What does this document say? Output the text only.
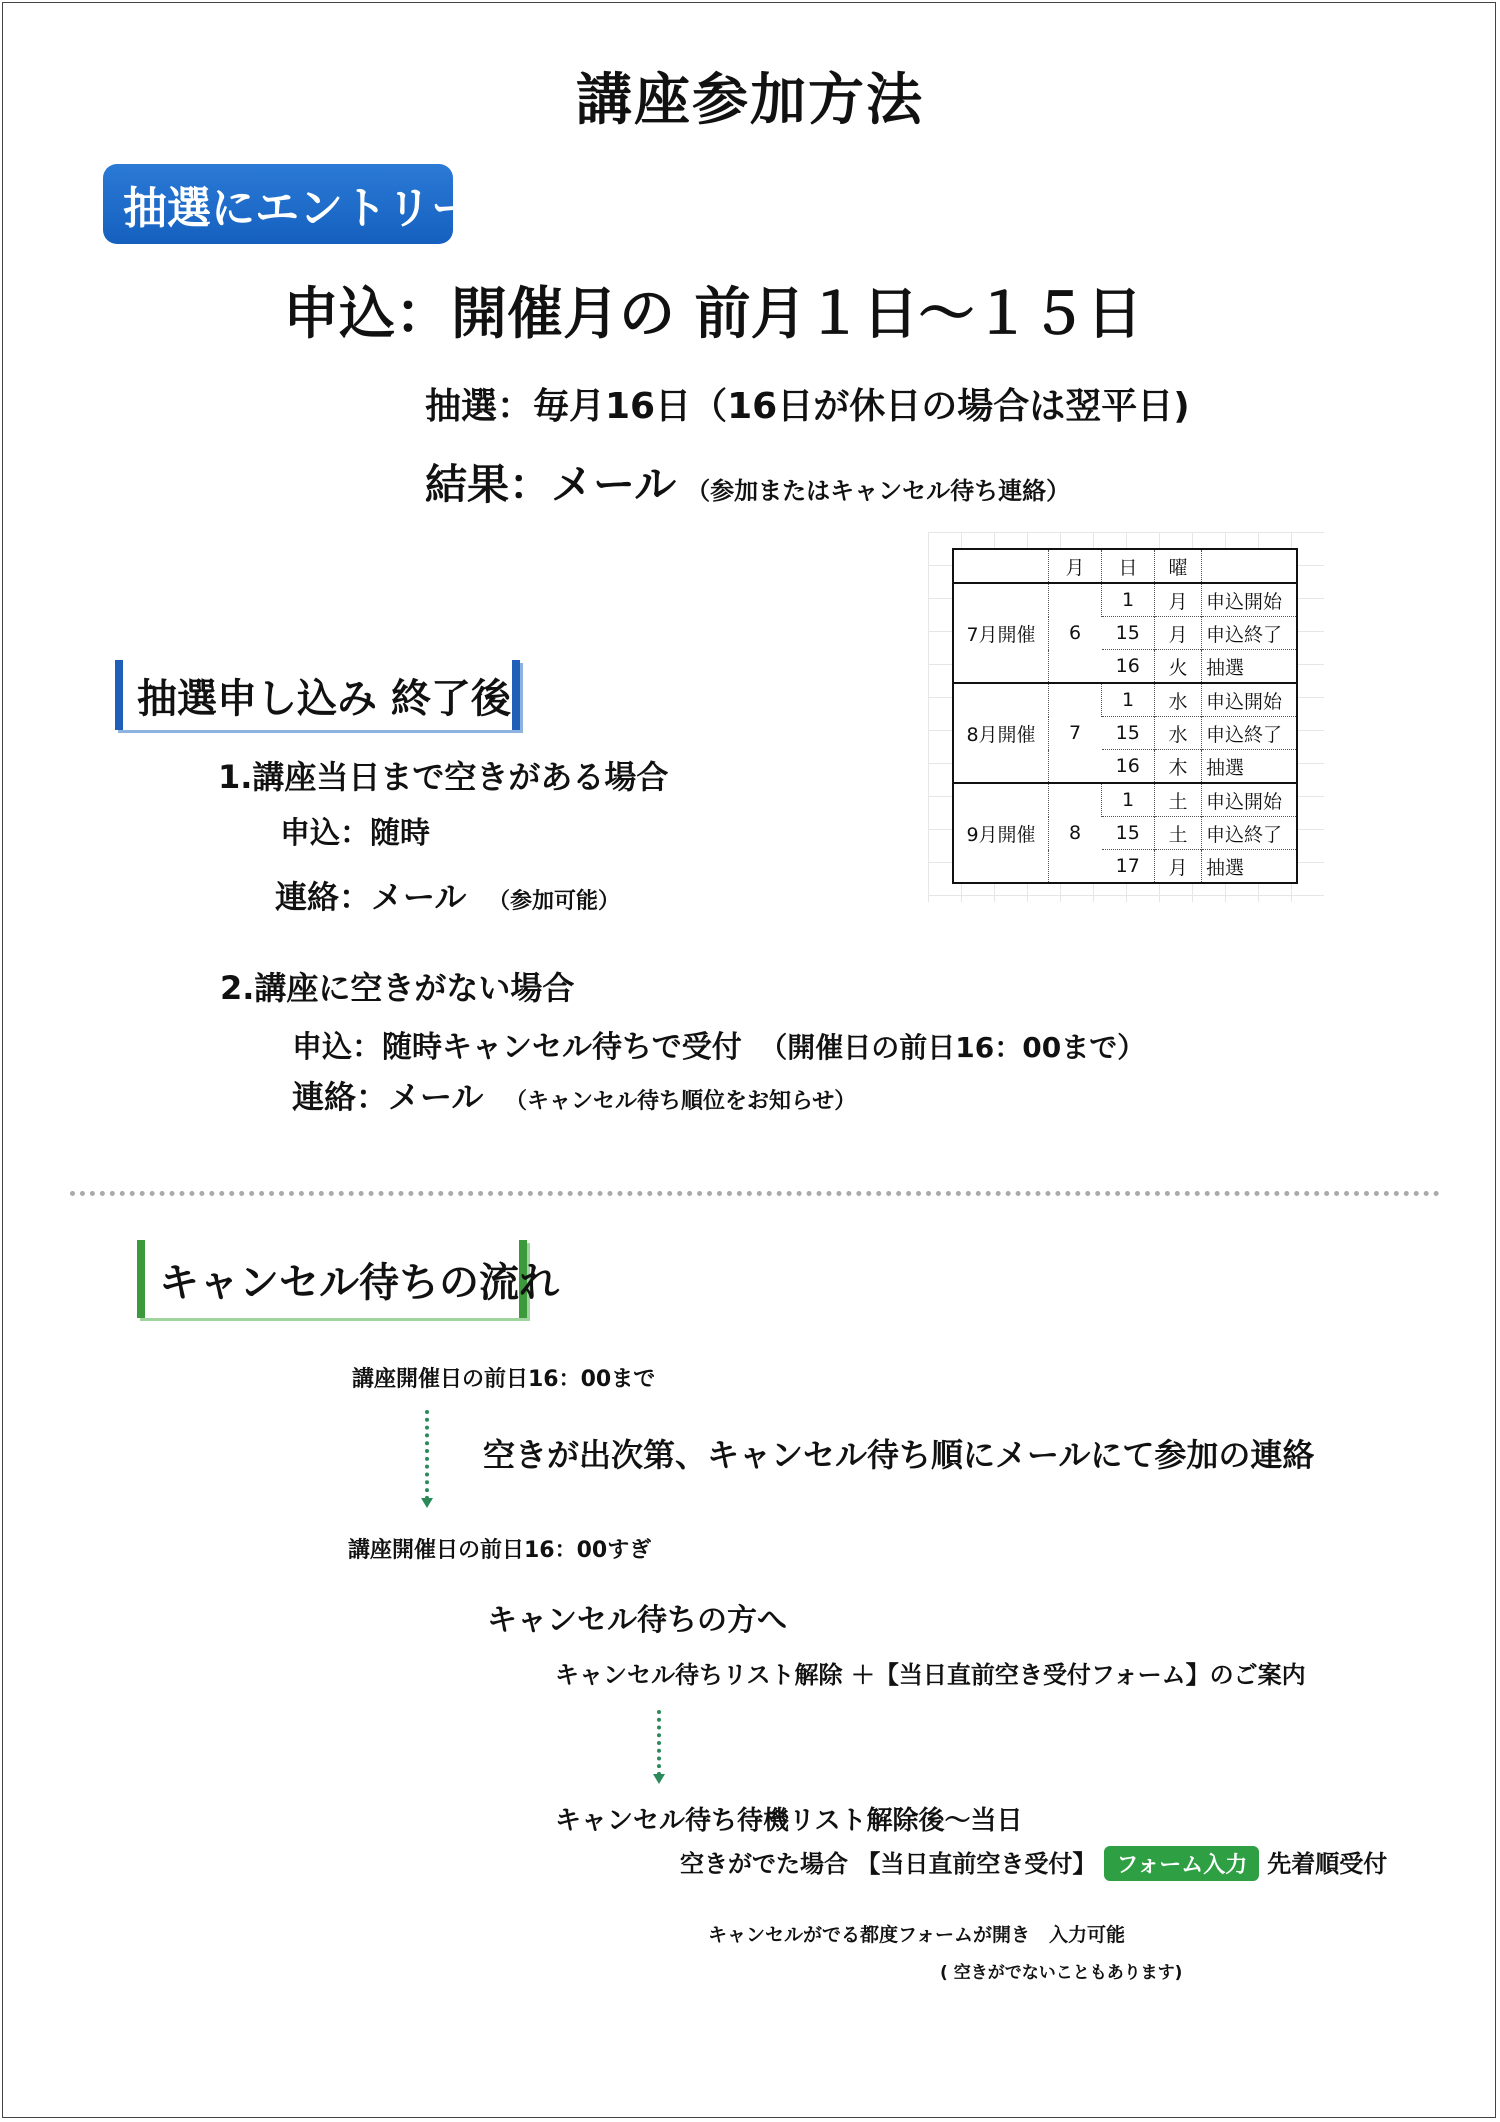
講座参加方法
抽選にエントリー
申込：開催月の 前月１日～１５日
抽選：毎月16日（16日が休日の場合は翌平日)
結果：メール （参加またはキャンセル待ち連絡）
	月	日	曜	
7月開催	6	1	月	申込開始
		15	月	申込終了
		16	火	抽選
8月開催	7	1	水	申込開始
		15	水	申込終了
		16	木	抽選
9月開催	8	1	土	申込開始
		15	土	申込終了
		17	月	抽選
抽選申し込み 終了後
1.講座当日まで空きがある場合
申込：随時
連絡：メール （参加可能）
2.講座に空きがない場合
申込：随時キャンセル待ちで受付 （開催日の前日16：00まで）
連絡：メール （キャンセル待ち順位をお知らせ）
キャンセル待ちの流れ
講座開催日の前日16：00まで
空きが出次第、キャンセル待ち順にメールにて参加の連絡
講座開催日の前日16：00すぎ
キャンセル待ちの方へ
キャンセル待ちリスト解除 ＋【当日直前空き受付フォーム】のご案内
キャンセル待ち待機リスト解除後～当日
空きがでた場合 【当日直前空き受付】 フォーム入力 先着順受付
キャンセルがでる都度フォームが開き　入力可能
( 空きがでないこともあります)
